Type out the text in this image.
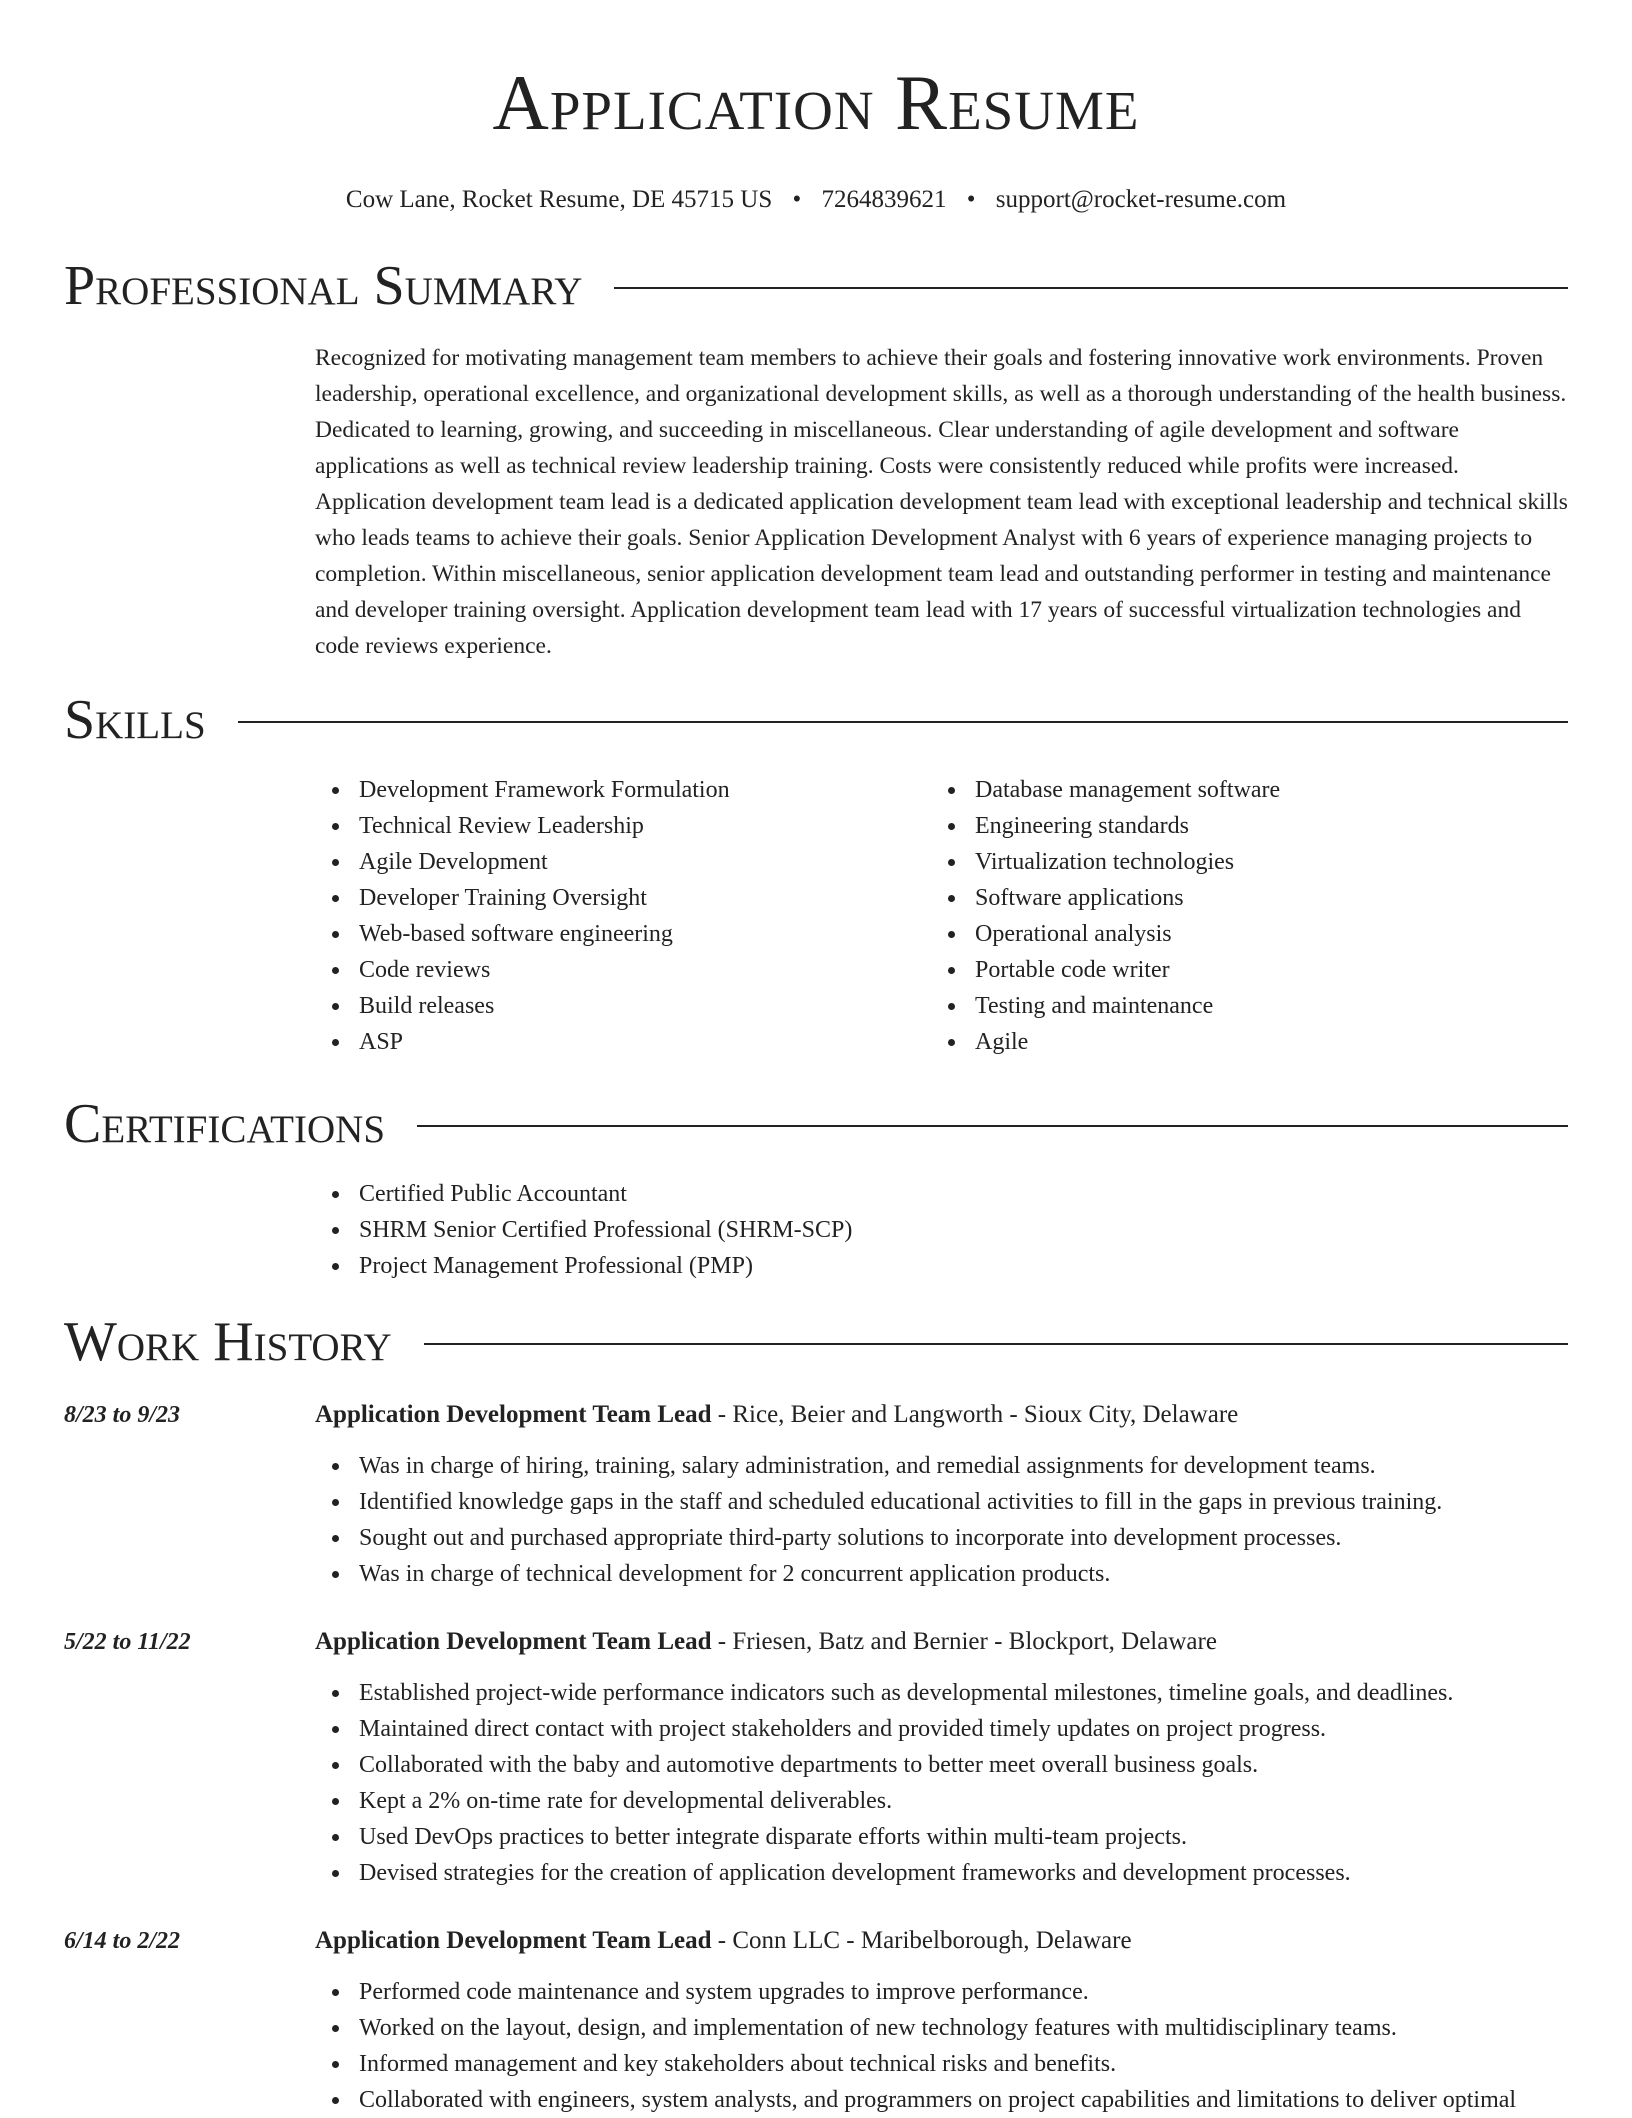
Application Resume
Cow Lane, Rocket Resume, DE 45715 US • 7264839621 • support@rocket-resume.com
Professional Summary
Recognized for motivating management team members to achieve their goals and fostering innovative work environments. Proven leadership, operational excellence, and organizational development skills, as well as a thorough understanding of the health business. Dedicated to learning, growing, and succeeding in miscellaneous. Clear understanding of agile development and software applications as well as technical review leadership training. Costs were consistently reduced while profits were increased. Application development team lead is a dedicated application development team lead with exceptional leadership and technical skills who leads teams to achieve their goals. Senior Application Development Analyst with 6 years of experience managing projects to completion. Within miscellaneous, senior application development team lead and outstanding performer in testing and maintenance and developer training oversight. Application development team lead with 17 years of successful virtualization technologies and code reviews experience.
Skills
Development Framework Formulation
Technical Review Leadership
Agile Development
Developer Training Oversight
Web-based software engineering
Code reviews
Build releases
ASP
Database management software
Engineering standards
Virtualization technologies
Software applications
Operational analysis
Portable code writer
Testing and maintenance
Agile
Certifications
Certified Public Accountant
SHRM Senior Certified Professional (SHRM-SCP)
Project Management Professional (PMP)
Work History
8/23 to 9/23	Application Development Team Lead - Rice, Beier and Langworth - Sioux City, Delaware
Was in charge of hiring, training, salary administration, and remedial assignments for development teams.
Identified knowledge gaps in the staff and scheduled educational activities to fill in the gaps in previous training.
Sought out and purchased appropriate third-party solutions to incorporate into development processes.
Was in charge of technical development for 2 concurrent application products.
5/22 to 11/22	Application Development Team Lead - Friesen, Batz and Bernier - Blockport, Delaware
Established project-wide performance indicators such as developmental milestones, timeline goals, and deadlines.
Maintained direct contact with project stakeholders and provided timely updates on project progress.
Collaborated with the baby and automotive departments to better meet overall business goals.
Kept a 2% on-time rate for developmental deliverables.
Used DevOps practices to better integrate disparate efforts within multi-team projects.
Devised strategies for the creation of application development frameworks and development processes.
6/14 to 2/22	Application Development Team Lead - Conn LLC - Maribelborough, Delaware
Performed code maintenance and system upgrades to improve performance.
Worked on the layout, design, and implementation of new technology features with multidisciplinary teams.
Informed management and key stakeholders about technical risks and benefits.
Collaborated with engineers, system analysts, and programmers on project capabilities and limitations to deliver optimal
